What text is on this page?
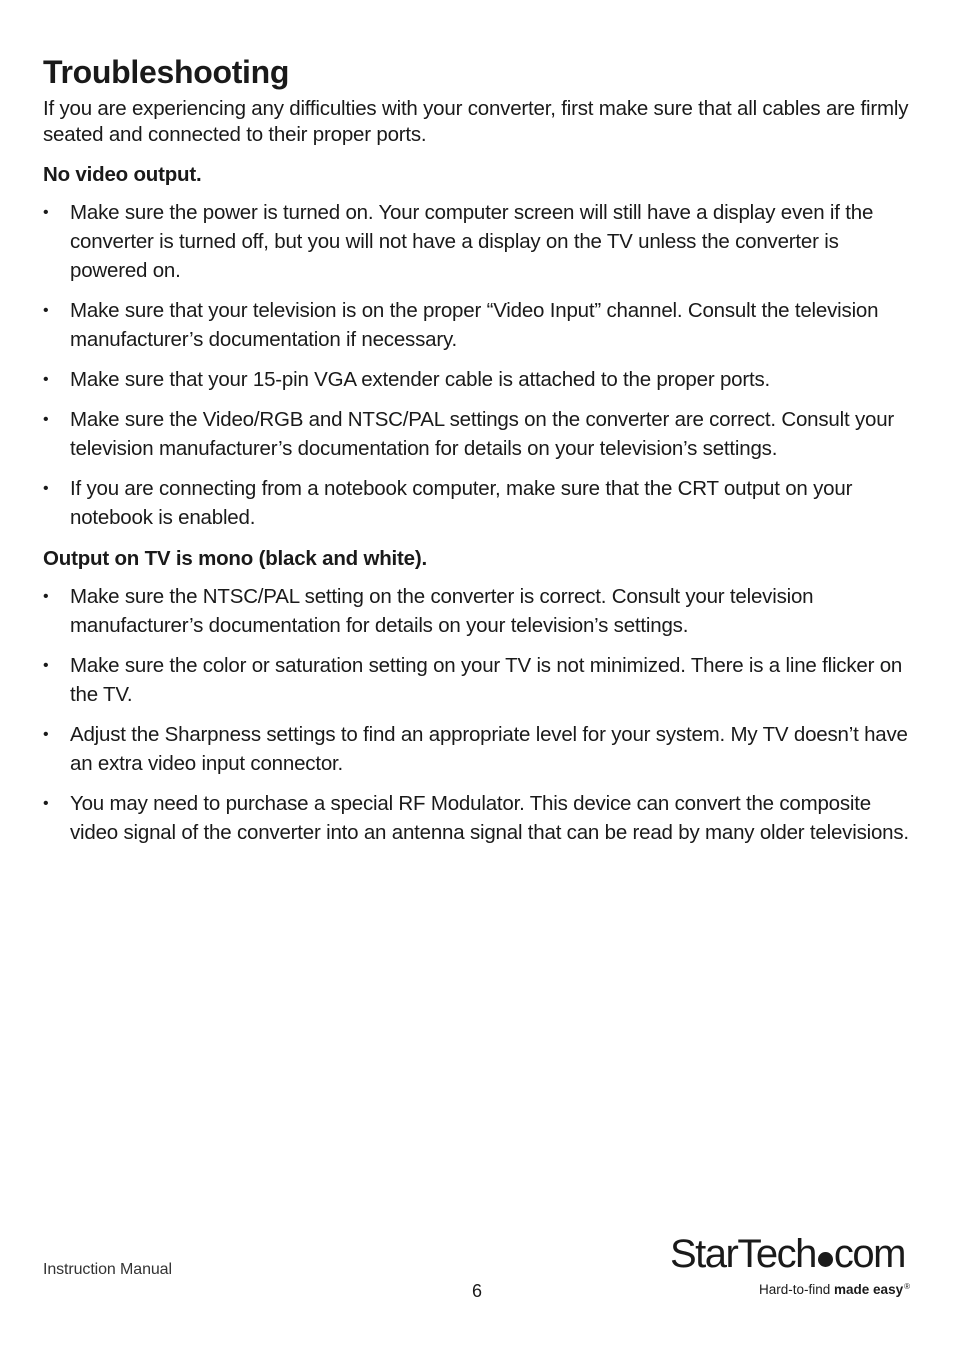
Troubleshooting

If you are experiencing any difficulties with your converter, first make sure that all cables are firmly seated and connected to their proper ports.

No video output.
• Make sure the power is turned on. Your computer screen will still have a display even if the converter is turned off, but you will not have a display on the TV unless the converter is powered on.
• Make sure that your television is on the proper “Video Input” channel. Consult the television manufacturer’s documentation if necessary.
• Make sure that your 15-pin VGA extender cable is attached to the proper ports.
• Make sure the Video/RGB and NTSC/PAL settings on the converter are correct. Consult your television manufacturer’s documentation for details on your television’s settings.
• If you are connecting from a notebook computer, make sure that the CRT output on your notebook is enabled.
Output on TV is mono (black and white).
• Make sure the NTSC/PAL setting on the converter is correct. Consult your television manufacturer’s documentation for details on your television’s settings.
• Make sure the color or saturation setting on your TV is not minimized. There is a line flicker on the TV.
• Adjust the Sharpness settings to find an appropriate level for your system. My TV doesn’t have an extra video input connector.
• You may need to purchase a special RF Modulator. This device can convert the composite video signal of the converter into an antenna signal that can be read by many older televisions.
Instruction Manual
6
StarTech com
Hard-to-find made easy®
